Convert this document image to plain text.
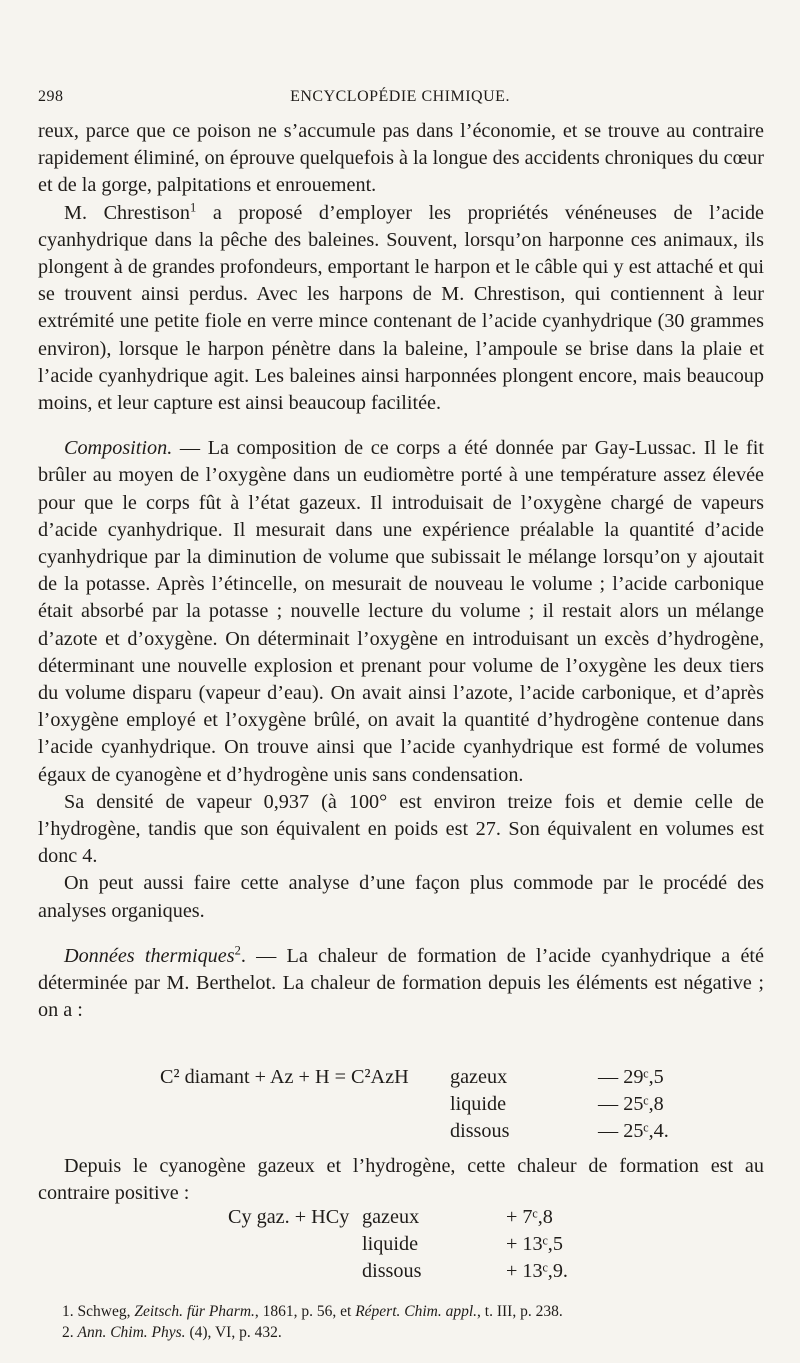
298	ENCYCLOPÉDIE CHIMIQUE.

reux, parce que ce poison ne s’accumule pas dans l’économie, et se trouve au contraire rapidement éliminé, on éprouve quelquefois à la longue des accidents chroniques du cœur et de la gorge, palpitations et enrouement.

M. Chrestison$^1$ a proposé d’employer les propriétés vénéneuses de l’acide cyanhydrique dans la pêche des baleines. Souvent, lorsqu’on harponne ces animaux, ils plongent à de grandes profondeurs, emportant le harpon et le câble qui y est attaché et qui se trouvent ainsi perdus. Avec les harpons de M. Chrestison, qui contiennent à leur extrémité une petite fiole en verre mince contenant de l’acide cyanhydrique (30 grammes environ), lorsque le harpon pénètre dans la baleine, l’ampoule se brise dans la plaie et l’acide cyanhydrique agit. Les baleines ainsi harponnées plongent encore, mais beaucoup moins, et leur capture est ainsi beaucoup facilitée.

Composition. — La composition de ce corps a été donnée par Gay-Lussac. Il le fit brûler au moyen de l’oxygène dans un eudiomètre porté à une température assez élevée pour que le corps fût à l’état gazeux. Il introduisait de l’oxygène chargé de vapeurs d’acide cyanhydrique. Il mesurait dans une expérience préalable la quantité d’acide cyanhydrique par la diminution de volume que subissait le mélange lorsqu’on y ajoutait de la potasse. Après l’étincelle, on mesurait de nouveau le volume ; l’acide carbonique était absorbé par la potasse ; nouvelle lecture du volume ; il restait alors un mélange d’azote et d’oxygène. On déterminait l’oxygène en introduisant un excès d’hydrogène, déterminant une nouvelle explosion et prenant pour volume de l’oxygène les deux tiers du volume disparu (vapeur d’eau). On avait ainsi l’azote, l’acide carbonique, et d’après l’oxygène employé et l’oxygène brûlé, on avait la quantité d’hydrogène contenue dans l’acide cyanhydrique. On trouve ainsi que l’acide cyanhydrique est formé de volumes égaux de cyanogène et d’hydrogène unis sans condensation.

Sa densité de vapeur 0,937 (à 100° est environ treize fois et demie celle de l’hydrogène, tandis que son équivalent en poids est 27. Son équivalent en volumes est donc 4.

On peut aussi faire cette analyse d’une façon plus commode par le procédé des analyses organiques.

Données thermiques$^2$. — La chaleur de formation de l’acide cyanhydrique a été déterminée par M. Berthelot. La chaleur de formation depuis les éléments est négative ; on a :

C² diamant + Az + H = C²AzH gazeux	— 29ᶜ,5
liquide	— 25ᶜ,8
dissous	— 25ᶜ,4.

Depuis le cyanogène gazeux et l’hydrogène, cette chaleur de formation est au contraire positive :

Cy gaz. + HCy gazeux	+ 7ᶜ,8
liquide	+ 13ᶜ,5
dissous	+ 13ᶜ,9.
1. Schweg, Zeitsch. für Pharm., 1861, p. 56, et Répert. Chim. appl., t. III, p. 238.
2. Ann. Chim. Phys. (4), VI, p. 432.
